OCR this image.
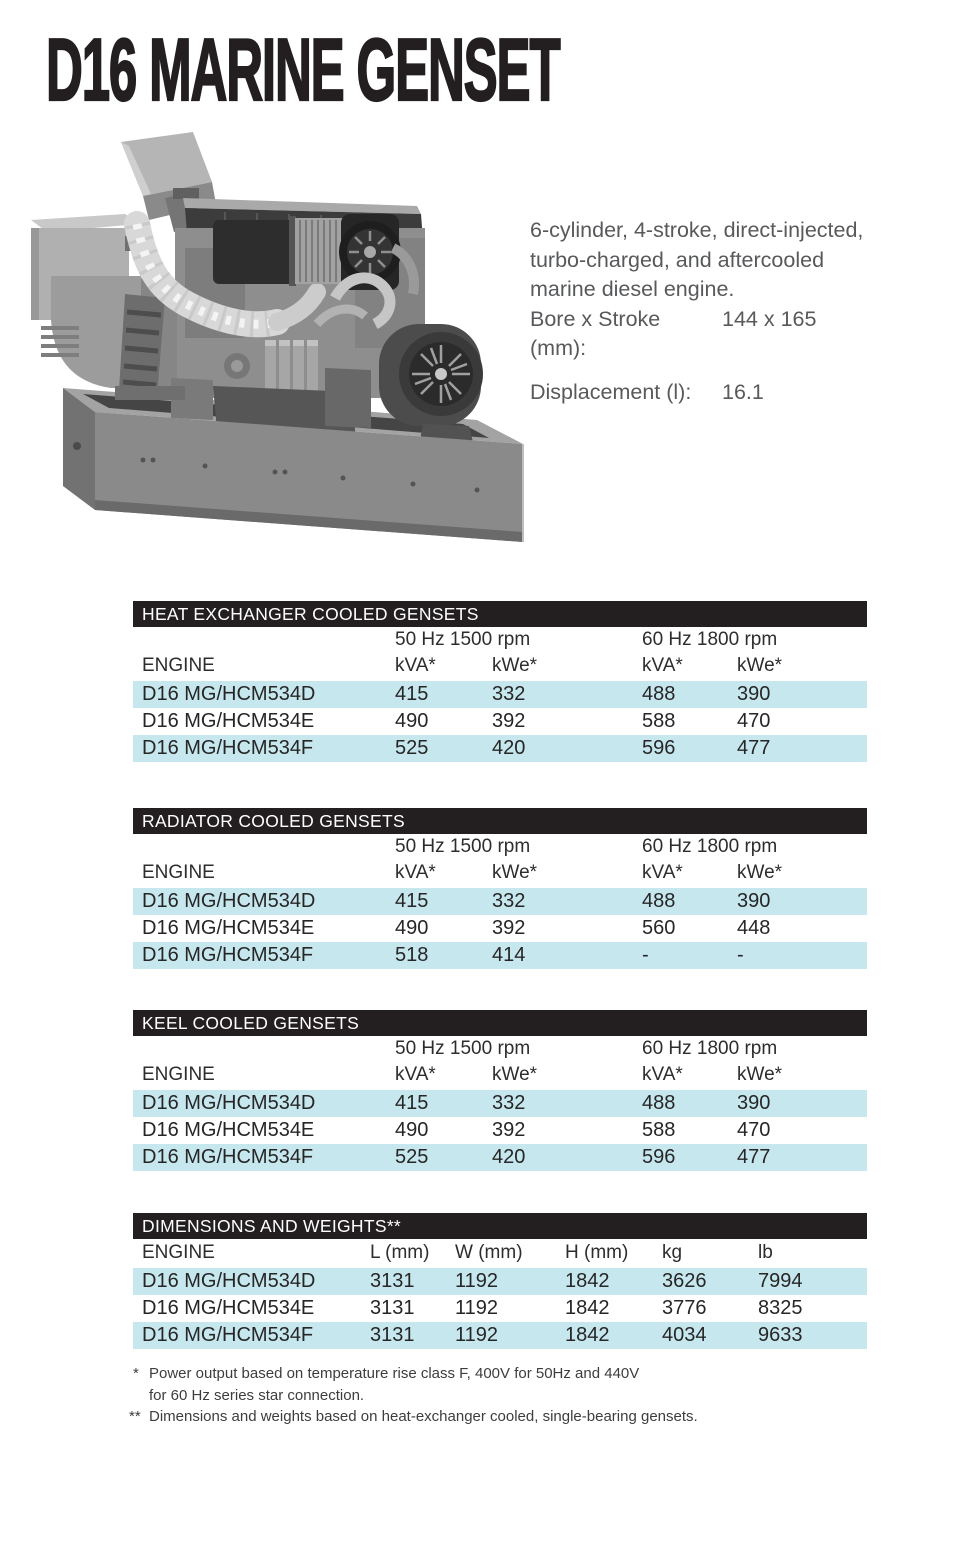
D16 MARINE GENSET
6-cylinder, 4-stroke, direct-injected,
turbo-charged, and aftercooled
marine diesel engine.
Bore x Stroke (mm):
144 x 165
Displacement (l):	16.1
HEAT EXCHANGER COOLED GENSETS
	50 Hz 1500 rpm		60 Hz 1800 rpm	
ENGINE	kVA*	kWe*	kVA*	kWe*
D16 MG/HCM534D	415	332	488	390
D16 MG/HCM534E	490	392	588	470
D16 MG/HCM534F	525	420	596	477
RADIATOR COOLED GENSETS
	50 Hz 1500 rpm		60 Hz 1800 rpm	
ENGINE	kVA*	kWe*	kVA*	kWe*
D16 MG/HCM534D	415	332	488	390
D16 MG/HCM534E	490	392	560	448
D16 MG/HCM534F	518	414	-	-
KEEL COOLED GENSETS
	50 Hz 1500 rpm		60 Hz 1800 rpm	
ENGINE	kVA*	kWe*	kVA*	kWe*
D16 MG/HCM534D	415	332	488	390
D16 MG/HCM534E	490	392	588	470
D16 MG/HCM534F	525	420	596	477
DIMENSIONS AND WEIGHTS**
ENGINE	L (mm)	W (mm)	H (mm)	kg	lb
D16 MG/HCM534D	3131	1192	1842	3626	7994
D16 MG/HCM534E	3131	1192	1842	3776	8325
D16 MG/HCM534F	3131	1192	1842	4034	9633
* Power output based on temperature rise class F, 400V for 50Hz and 440V
for 60 Hz series star connection.
** Dimensions and weights based on heat-exchanger cooled, single-bearing gensets.
